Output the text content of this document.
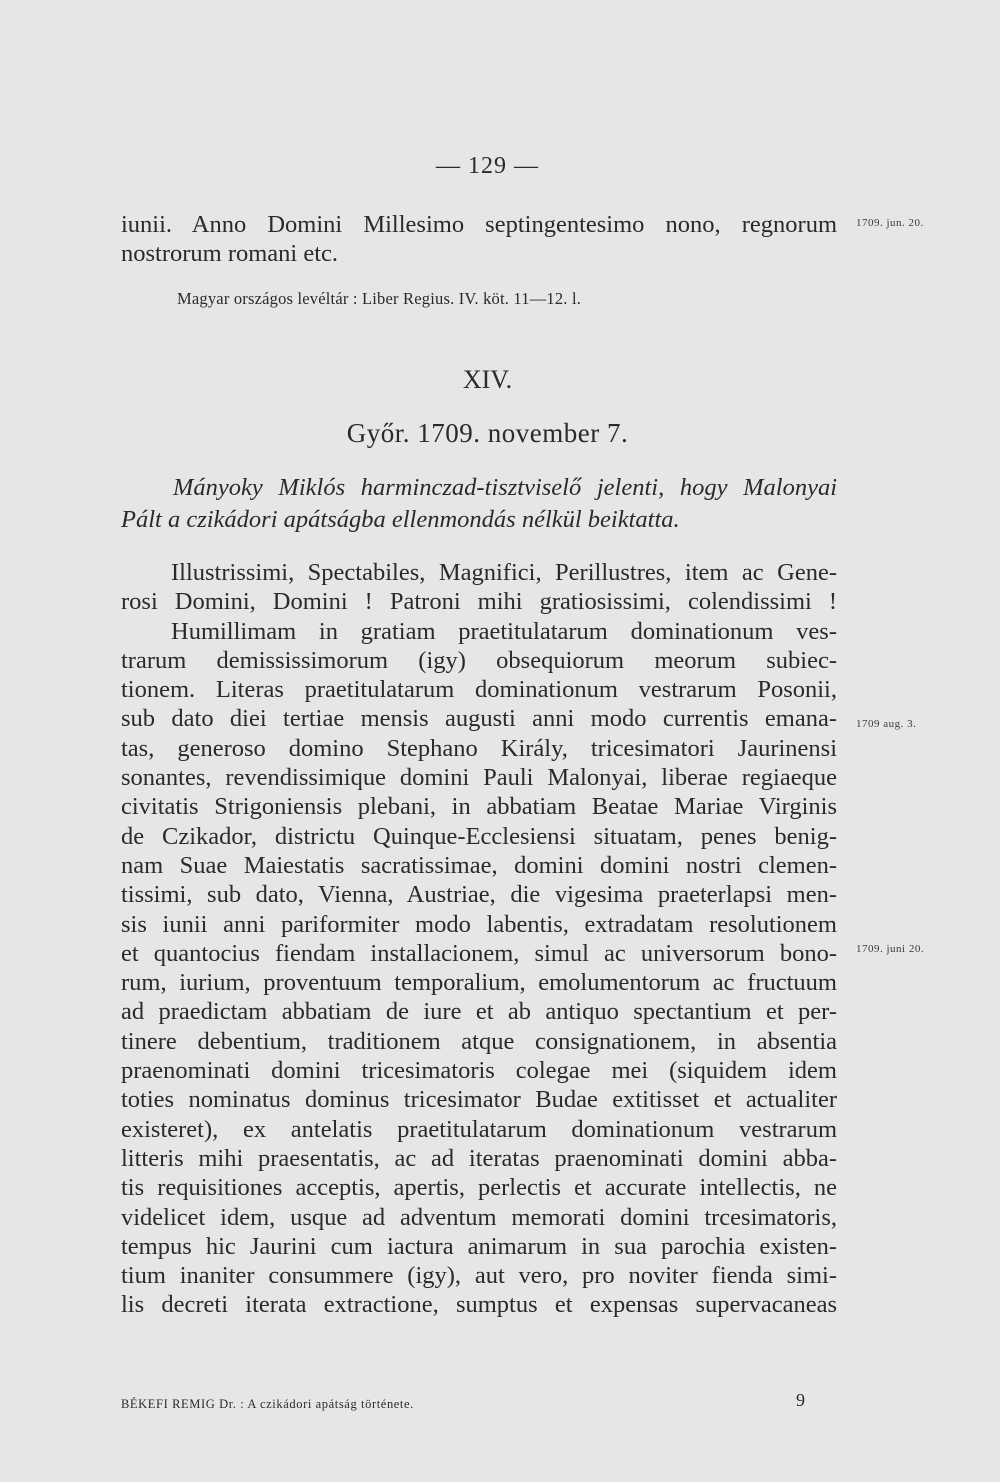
— 129 —
iunii. Anno Domini Millesimo septingentesimo nono, regnorum
nostrorum romani etc.
1709. jun. 20.
Magyar országos levéltár : Liber Regius. IV. köt. 11—12. l.
XIV.
Győr. 1709. november 7.
Mányoky Miklós harminczad-tisztviselő jelenti, hogy Malonyai
Pált a czikádori apátságba ellenmondás nélkül beiktatta.
Illustrissimi, Spectabiles, Magnifici, Perillustres, item ac Gene-
rosi Domini, Domini ! Patroni mihi gratiosissimi, colendissimi !
Humillimam in gratiam praetitulatarum dominationum ves-
trarum demississimorum (igy) obsequiorum meorum subiec-
tionem. Literas praetitulatarum dominationum vestrarum Posonii,
sub dato diei tertiae mensis augusti anni modo currentis emana-
tas, generoso domino Stephano Király, tricesimatori Jaurinensi
sonantes, revendissimique domini Pauli Malonyai, liberae regiaeque
civitatis Strigoniensis plebani, in abbatiam Beatae Mariae Virginis
de Czikador, districtu Quinque-Ecclesiensi situatam, penes benig-
nam Suae Maiestatis sacratissimae, domini domini nostri clemen-
tissimi, sub dato, Vienna, Austriae, die vigesima praeterlapsi men-
sis iunii anni pariformiter modo labentis, extradatam resolutionem
et quantocius fiendam installacionem, simul ac universorum bono-
rum, iurium, proventuum temporalium, emolumentorum ac fructuum
ad praedictam abbatiam de iure et ab antiquo spectantium et per-
tinere debentium, traditionem atque consignationem, in absentia
praenominati domini tricesimatoris colegae mei (siquidem idem
toties nominatus dominus tricesimator Budae extitisset et actualiter
existeret), ex antelatis praetitulatarum dominationum vestrarum
litteris mihi praesentatis, ac ad iteratas praenominati domini abba-
tis requisitiones acceptis, apertis, perlectis et accurate intellectis, ne
videlicet idem, usque ad adventum memorati domini trcesimatoris,
tempus hic Jaurini cum iactura animarum in sua parochia existen-
tium inaniter consummere (igy), aut vero, pro noviter fienda simi-
lis decreti iterata extractione, sumptus et expensas supervacaneas
1709 aug. 3.
1709. juni 20.
BÉKEFI REMIG Dr. : A czikádori apátság története.	9
